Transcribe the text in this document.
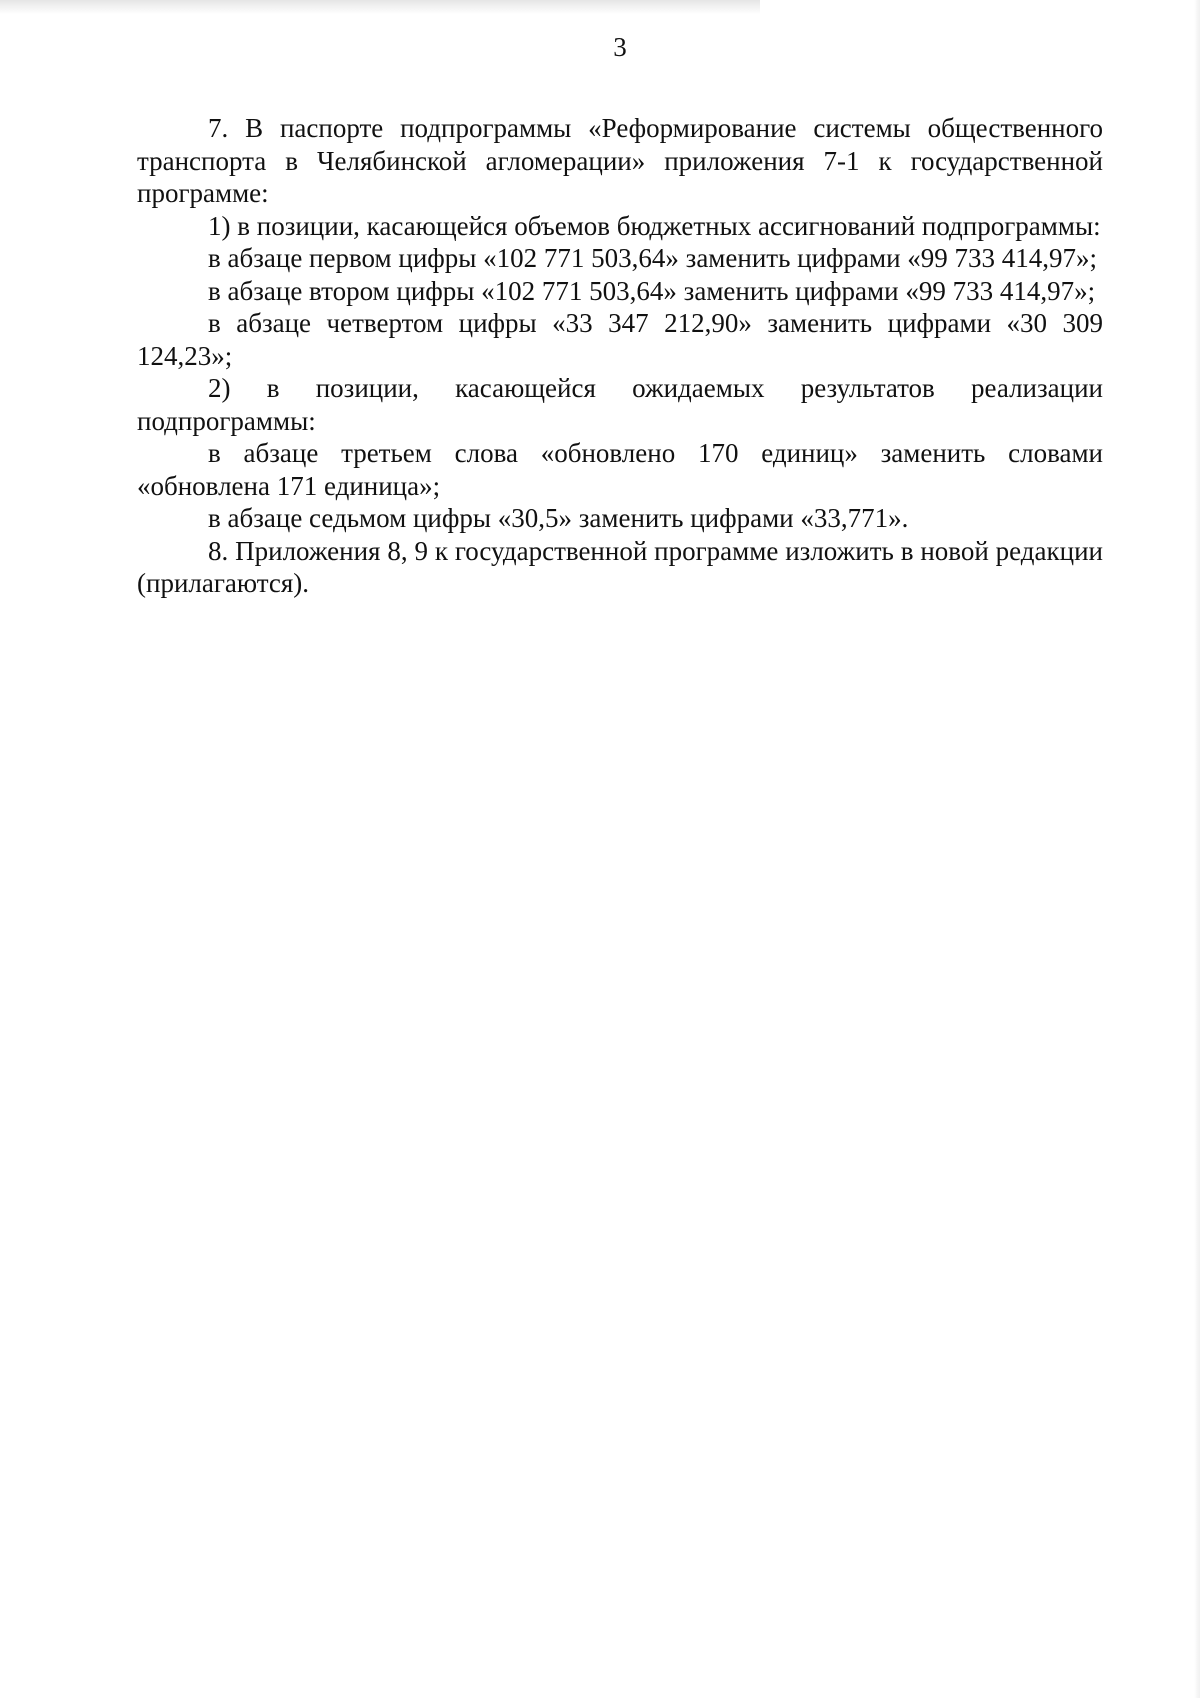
3

7. В паспорте подпрограммы «Реформирование системы общественного транспорта в Челябинской агломерации» приложения 7-1 к государственной программе:

1) в позиции, касающейся объемов бюджетных ассигнований подпрограммы:

в абзаце первом цифры «102 771 503,64» заменить цифрами «99 733 414,97»;

в абзаце втором цифры «102 771 503,64» заменить цифрами «99 733 414,97»;

в абзаце четвертом цифры «33 347 212,90» заменить цифрами «30 309 124,23»;

2) в позиции, касающейся ожидаемых результатов реализации подпрограммы:

в абзаце третьем слова «обновлено 170 единиц» заменить словами «обновлена 171 единица»;

в абзаце седьмом цифры «30,5» заменить цифрами «33,771».

8. Приложения 8, 9 к государственной программе изложить в новой редакции (прилагаются).
